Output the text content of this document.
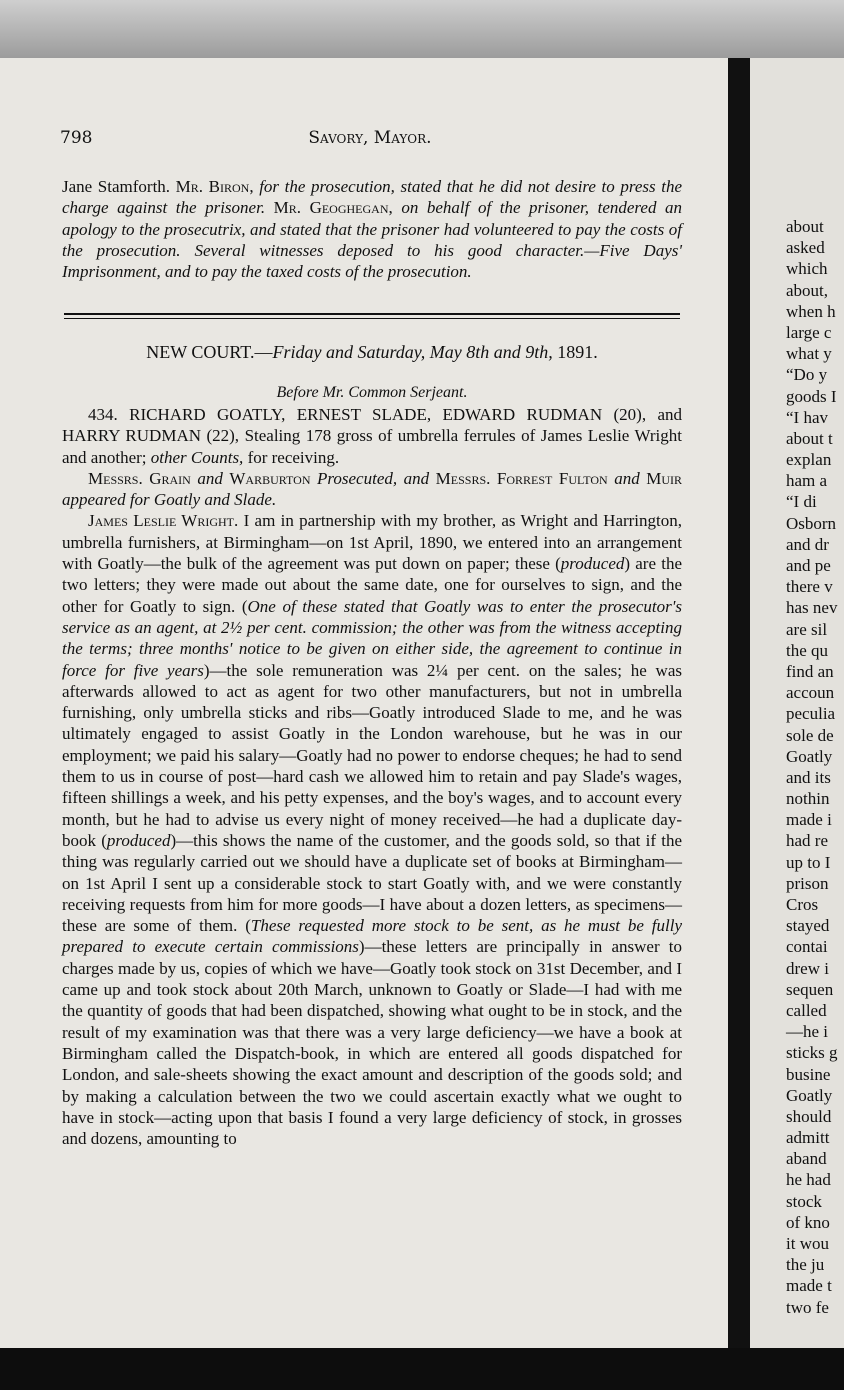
about
asked
which
about,
when h
large c
what y
“Do y
goods I
“I hav
about t
explan
ham a
“I di
Osborn
and dr
and pe
there v
has nev
are sil
the qu
find an
accoun
peculia
sole de
Goatly
and its
nothin
made i
had re
up to I
prison
Cros
stayed
contai
drew i
sequen
called
—he i
sticks g
busine
Goatly
should
admitt
aband
he had
stock
of kno
it wou
the ju
made t
two fe
798	Savory, Mayor.

Jane Stamforth. Mr. Biron, for the prosecution, stated that he did not desire to press the charge against the prisoner. Mr. Geoghegan, on behalf of the prisoner, tendered an apology to the prosecutrix, and stated that the prisoner had volunteered to pay the costs of the prosecution. Several witnesses deposed to his good character.—Five Days' Imprisonment, and to pay the taxed costs of the prosecution.

NEW COURT.—Friday and Saturday, May 8th and 9th, 1891.
Before Mr. Common Serjeant.

434. RICHARD GOATLY, ERNEST SLADE, EDWARD RUDMAN (20), and HARRY RUDMAN (22), Stealing 178 gross of umbrella ferrules of James Leslie Wright and another; other Counts, for receiving.

Messrs. Grain and Warburton Prosecuted, and Messrs. Forrest Fulton and Muir appeared for Goatly and Slade.

James Leslie Wright. I am in partnership with my brother, as Wright and Harrington, umbrella furnishers, at Birmingham—on 1st April, 1890, we entered into an arrangement with Goatly—the bulk of the agreement was put down on paper; these (produced) are the two letters; they were made out about the same date, one for ourselves to sign, and the other for Goatly to sign. (One of these stated that Goatly was to enter the prosecutor's service as an agent, at 2½ per cent. commission; the other was from the witness accepting the terms; three months' notice to be given on either side, the agreement to continue in force for five years)—the sole remuneration was 2¼ per cent. on the sales; he was afterwards allowed to act as agent for two other manufacturers, but not in umbrella furnishing, only umbrella sticks and ribs—Goatly introduced Slade to me, and he was ultimately engaged to assist Goatly in the London warehouse, but he was in our employment; we paid his salary—Goatly had no power to endorse cheques; he had to send them to us in course of post—hard cash we allowed him to retain and pay Slade's wages, fifteen shillings a week, and his petty expenses, and the boy's wages, and to account every month, but he had to advise us every night of money received—he had a duplicate day-book (produced)—this shows the name of the customer, and the goods sold, so that if the thing was regularly carried out we should have a duplicate set of books at Birmingham—on 1st April I sent up a considerable stock to start Goatly with, and we were constantly receiving requests from him for more goods—I have about a dozen letters, as specimens—these are some of them. (These requested more stock to be sent, as he must be fully prepared to execute certain commissions)—these letters are principally in answer to charges made by us, copies of which we have—Goatly took stock on 31st December, and I came up and took stock about 20th March, unknown to Goatly or Slade—I had with me the quantity of goods that had been dispatched, showing what ought to be in stock, and the result of my examination was that there was a very large deficiency—we have a book at Birmingham called the Dispatch-book, in which are entered all goods dispatched for London, and sale-sheets showing the exact amount and description of the goods sold; and by making a calculation between the two we could ascertain exactly what we ought to have in stock—acting upon that basis I found a very large deficiency of stock, in grosses and dozens, amounting to
